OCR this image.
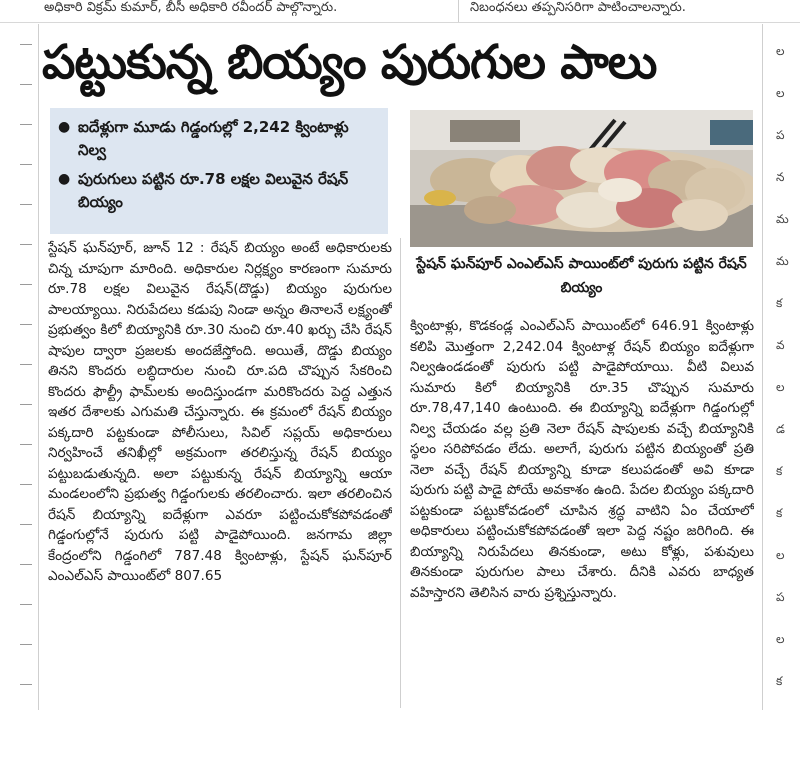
అధికారి విక్రమ్ కుమార్, బీసీ అధికారి రవీందర్ పాల్గొన్నారు.	నిబంధనలు తప్పనిసరిగా పాటించాలన్నారు.
పట్టుకున్న బియ్యం పురుగుల పాలు
● ఐదేళ్లుగా మూడు గిడ్డంగుల్లో 2,242 క్వింటాళ్లు నిల్వ
● పురుగులు పట్టిన రూ.78 లక్షల విలువైన రేషన్ బియ్యం
స్టేషన్ ఘన్‌పూర్ ఎంఎల్ఎస్ పాయింట్‌లో పురుగు పట్టిన రేషన్ బియ్యం
స్టేషన్ ఘన్‌పూర్, జూన్ 12 : రేషన్ బియ్యం అంటే అధికారులకు చిన్న చూపుగా మారింది. అధికారుల నిర్లక్ష్యం కారణంగా సుమారు రూ.78 లక్షల విలువైన రేషన్(దొడ్డు) బియ్యం పురుగుల పాలయ్యాయి. నిరుపేదలు కడుపు నిండా అన్నం తినాలనే లక్ష్యంతో ప్రభుత్వం కిలో బియ్యానికి రూ.30 నుంచి రూ.40 ఖర్చు చేసి రేషన్ షాపుల ద్వారా ప్రజలకు అందజేస్తోంది. అయితే, దొడ్డు బియ్యం తినని కొందరు లబ్ధిదారుల నుంచి రూ.పది చొప్పున సేకరించి కొందరు ఫౌల్ట్రీ ఫామ్‌లకు అందిస్తుండగా మరికొందరు పెద్ద ఎత్తున ఇతర దేశాలకు ఎగుమతి చేస్తున్నారు. ఈ క్రమంలో రేషన్ బియ్యం పక్కదారి పట్టకుండా పోలీసులు, సివిల్ సప్లయ్ అధికారులు నిర్వహించే తనిఖీల్లో అక్రమంగా తరలిస్తున్న రేషన్ బియ్యం పట్టుబడుతున్నది. అలా పట్టుకున్న రేషన్ బియ్యాన్ని ఆయా మండలంలోని ప్రభుత్వ గిడ్డంగులకు తరలించారు. ఇలా తరలించిన రేషన్ బియ్యాన్ని ఐదేళ్లుగా ఎవరూ పట్టించుకోకపోవడంతో గిడ్డంగుల్లోనే పురుగు పట్టి పాడైపోయింది. జనగామ జిల్లా కేంద్రంలోని గిడ్డంగిలో 787.48 క్వింటాళ్లు, స్టేషన్ ఘన్‌పూర్ ఎంఎల్ఎస్ పాయింట్‌లో 807.65
క్వింటాళ్లు, కొడకండ్ల ఎంఎల్ఎస్ పాయింట్‌లో 646.91 క్వింటాళ్లు కలిపి మొత్తంగా 2,242.04 క్వింటాళ్ల రేషన్ బియ్యం ఐదేళ్లుగా నిల్వఉండడంతో పురుగు పట్టి పాడైపోయాయి. వీటి విలువ సుమారు కిలో బియ్యానికి రూ.35 చొప్పున సుమారు రూ.78,47,140 ఉంటుంది. ఈ బియ్యాన్ని ఐదేళ్లుగా గిడ్డంగుల్లో నిల్వ చేయడం వల్ల ప్రతి నెలా రేషన్ షాపులకు వచ్చే బియ్యానికి స్థలం సరిపోవడం లేదు. అలాగే, పురుగు పట్టిన బియ్యంతో ప్రతి నెలా వచ్చే రేషన్ బియ్యాన్ని కూడా కలుపడంతో అవి కూడా పురుగు పట్టి పాడై పోయే అవకాశం ఉంది. పేదల బియ్యం పక్కదారి పట్టకుండా పట్టుకోవడంలో చూపిన శ్రద్ధ వాటిని ఏం చేయాలో అధికారులు పట్టించుకోకపోవడంతో ఇలా పెద్ద నష్టం జరిగింది. ఈ బియ్యాన్ని నిరుపేదలు తినకుండా, అటు కోళ్లు, పశువులు తినకుండా పురుగుల పాలు చేశారు. దీనికి ఎవరు బాధ్యత వహిస్తారని తెలిసిన వారు ప్రశ్నిస్తున్నారు.
ల
ల
ప
న
మ
మ
క
వ
ల
డ
క
క
ల
ప
ల
క
